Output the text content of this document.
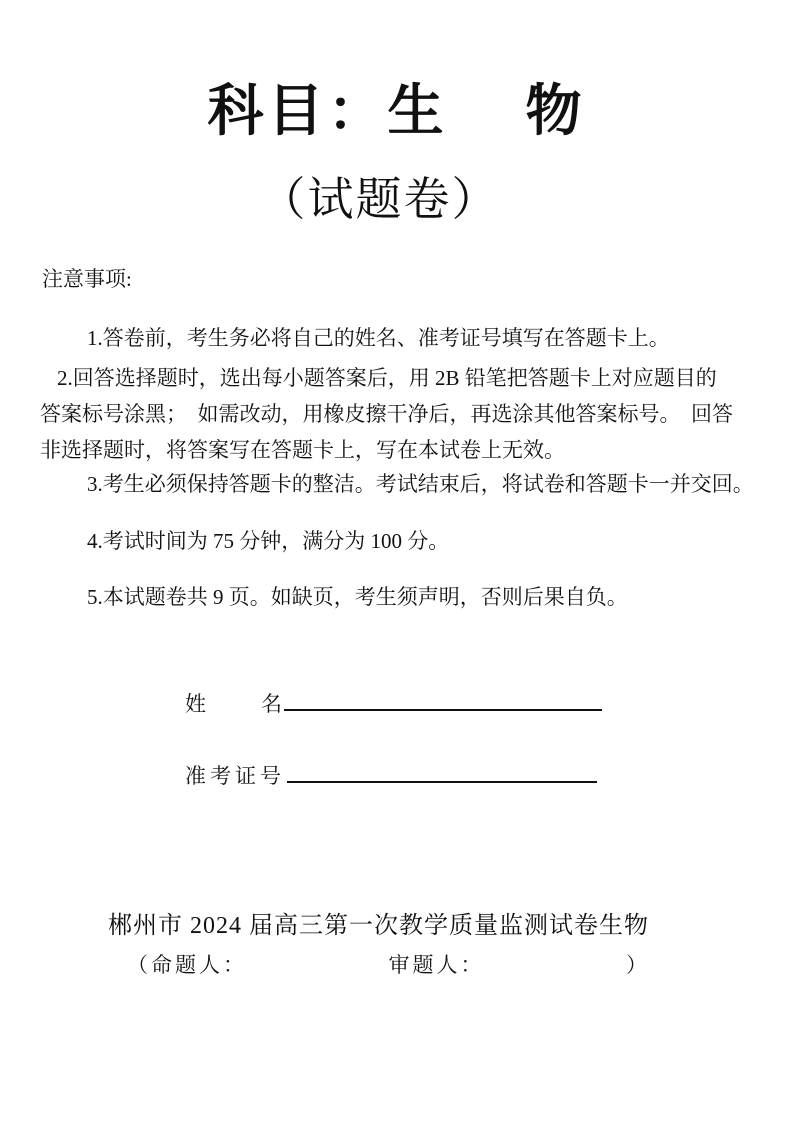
科目：生　 物
（试题卷）
注意事项:
1.答卷前，考生务必将自己的姓名、准考证号填写在答题卡上。
2.回答选择题时，选出每小题答案后，用 2B 铅笔把答题卡上对应题目的
答案标号涂黑；　如需改动，用橡皮擦干净后，再选涂其他答案标号。　回答
非选择题时，将答案写在答题卡上，写在本试卷上无效。
3.考生必须保持答题卡的整洁。考试结束后，将试卷和答题卡一并交回。
4.考试时间为 75 分钟，满分为 100 分。
5.本试题卷共 9 页。如缺页，考生须声明，否则后果自负。
姓名
准考证号
郴州市 2024 届高三第一次教学质量监测试卷生物
（命题人：	审题人：	）
